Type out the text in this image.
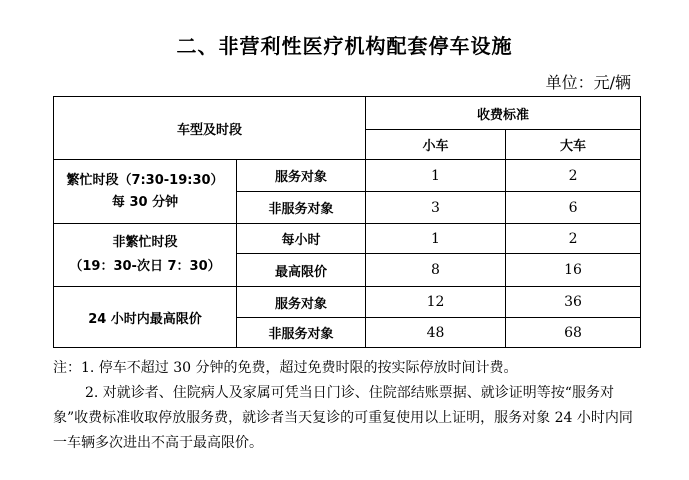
二、非营利性医疗机构配套停车设施
单位：元/辆
车型及时段		收费标准	
		小车	大车

繁忙时段（7:30-19:30）
每 30 分钟	服务对象	1	2
	非服务对象	3	6

非繁忙时段
（19：30-次日 7：30）	每小时	1	2
	最高限价	8	16

24 小时内最高限价	服务对象	12	36
	非服务对象	48	68

注：1. 停车不超过 30 分钟的免费，超过免费时限的按实际停放时间计费。

2. 对就诊者、住院病人及家属可凭当日门诊、住院部结账票据、就诊证明等按“服务对象”收费标准收取停放服务费，就诊者当天复诊的可重复使用以上证明，服务对象 24 小时内同一车辆多次进出不高于最高限价。
